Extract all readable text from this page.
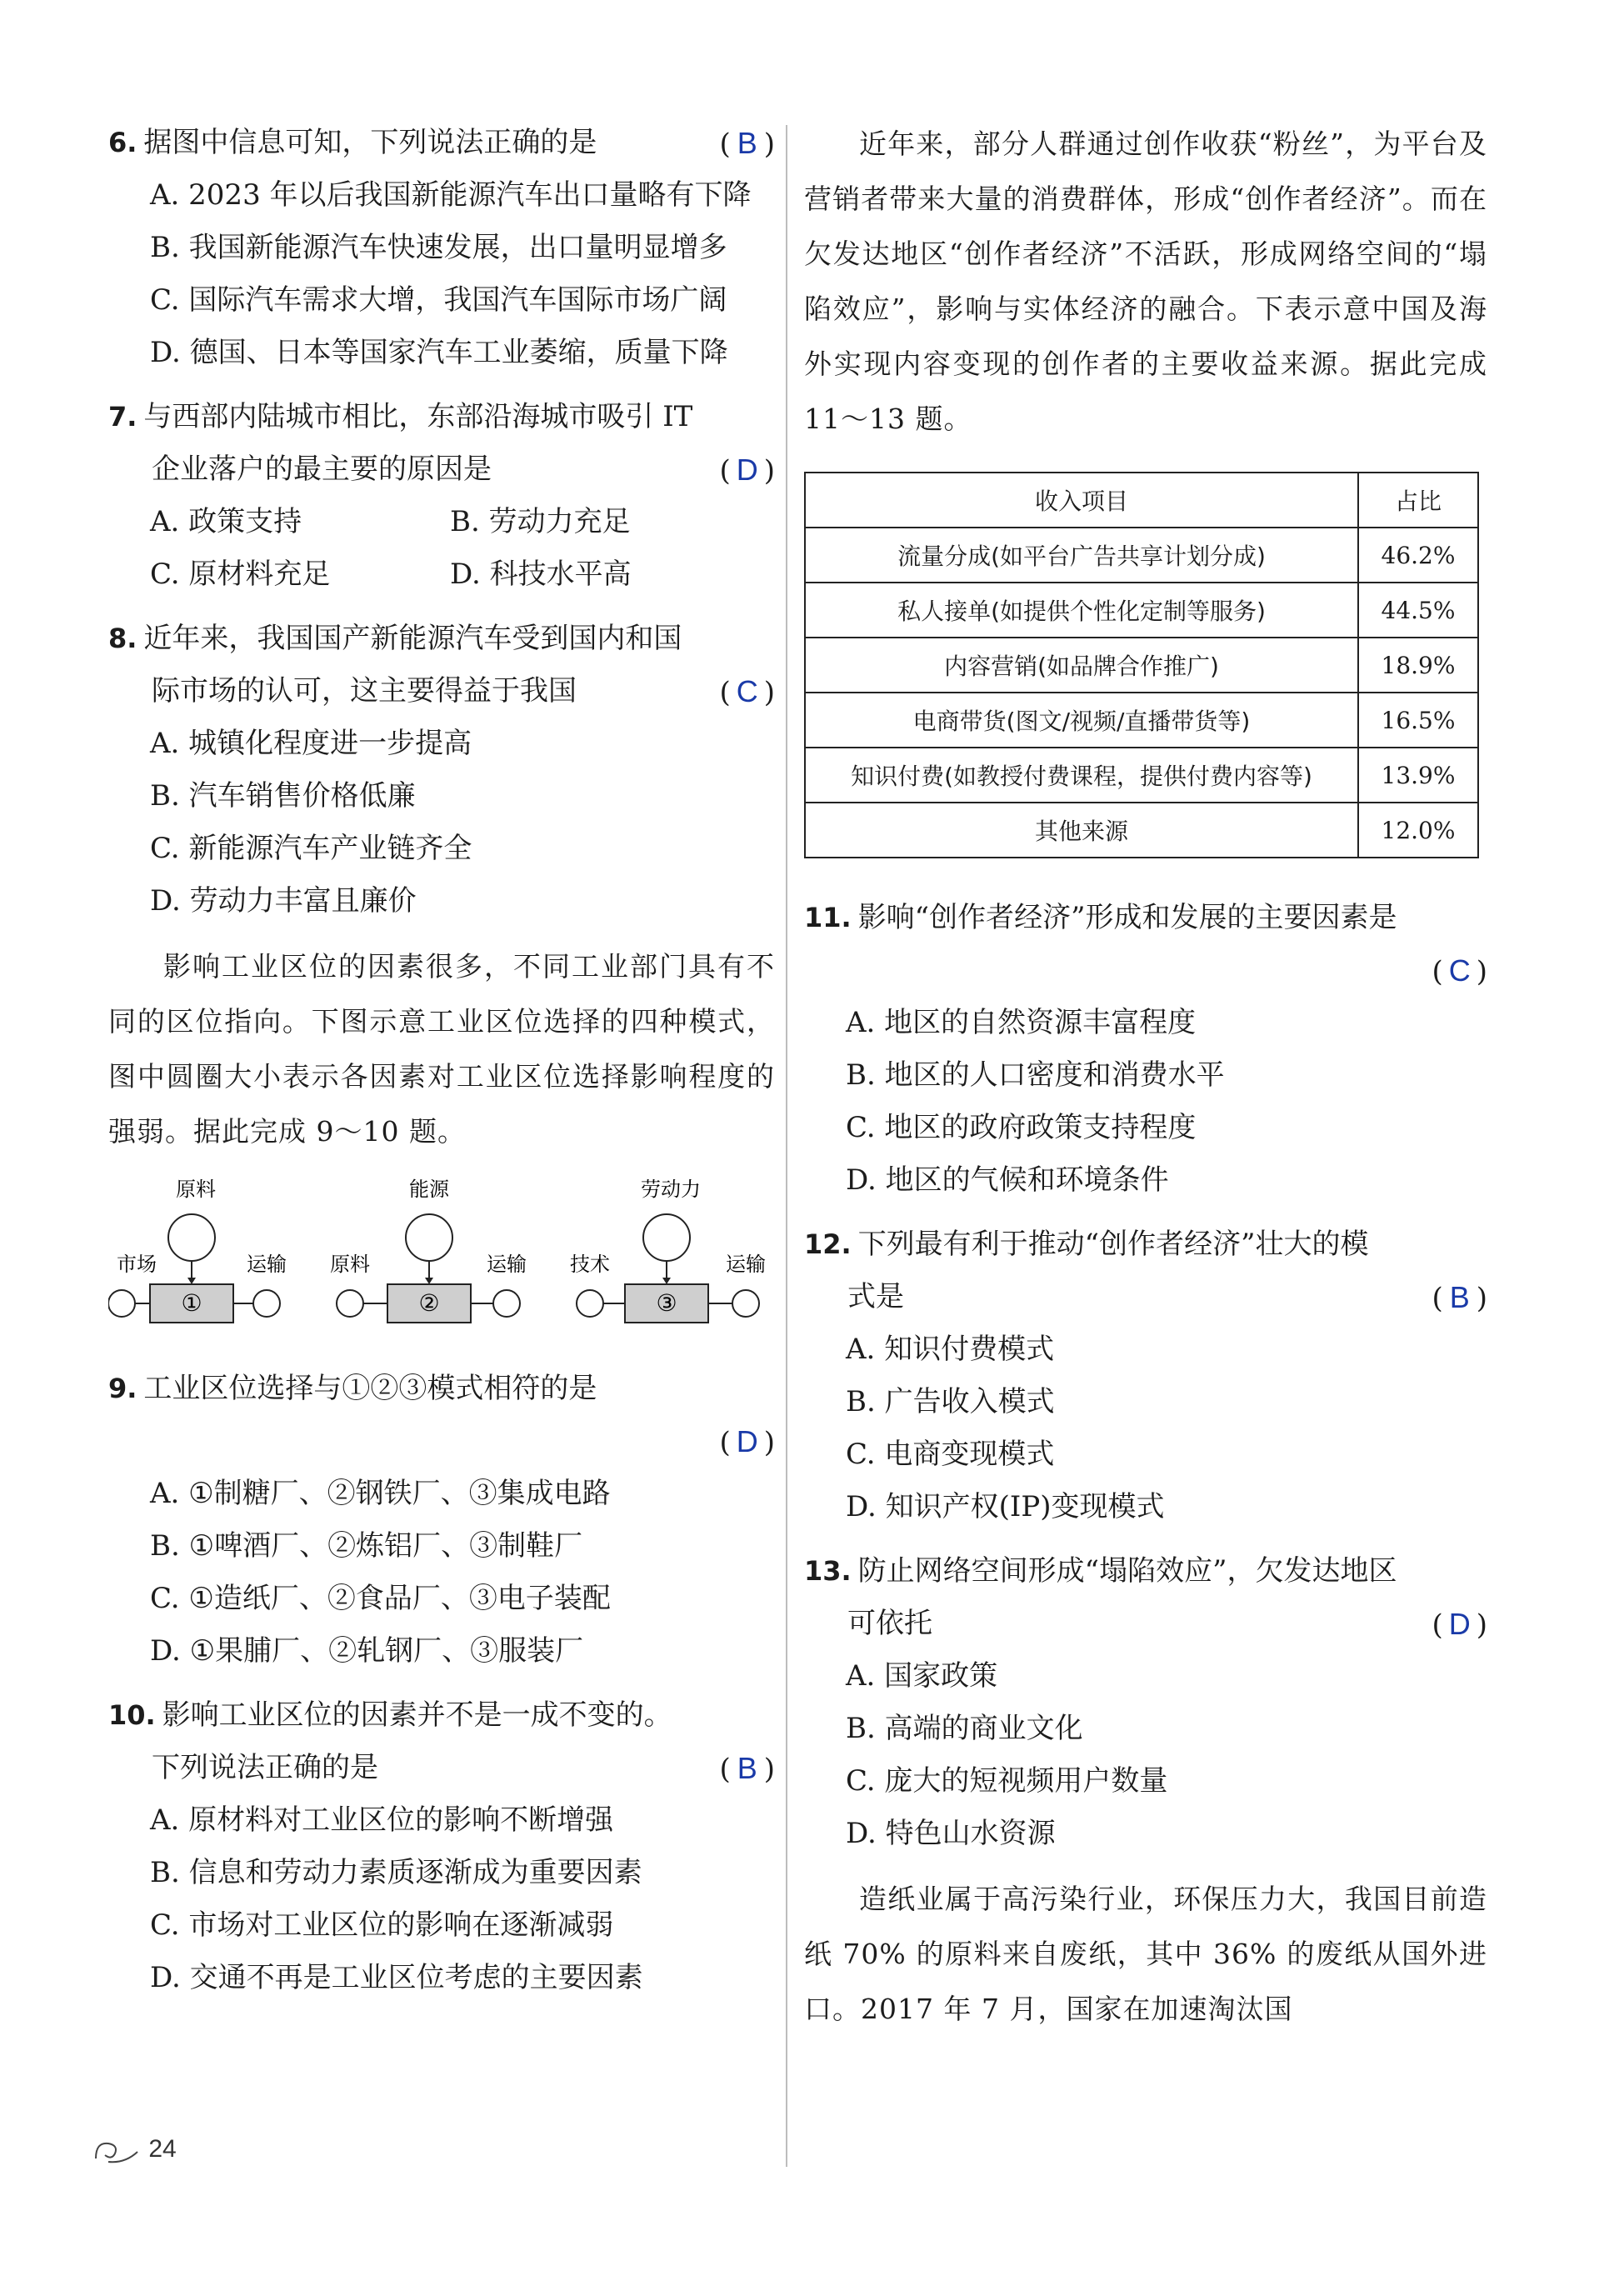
6. 据图中信息可知，下列说法正确的是	( B )
A. 2023 年以后我国新能源汽车出口量略有下降
B. 我国新能源汽车快速发展，出口量明显增多
C. 国际汽车需求大增，我国汽车国际市场广阔
D. 德国、日本等国家汽车工业萎缩，质量下降
7. 与西部内陆城市相比，东部沿海城市吸引 IT
企业落户的最主要的原因是	( D )
A. 政策支持	B. 劳动力充足
C. 原材料充足	D. 科技水平高
8. 近年来，我国国产新能源汽车受到国内和国
际市场的认可，这主要得益于我国	( C )
A. 城镇化程度进一步提高
B. 汽车销售价格低廉
C. 新能源汽车产业链齐全
D. 劳动力丰富且廉价
影响工业区位的因素很多，不同工业部门具有不同的区位指向。下图示意工业区位选择的四种模式，图中圆圈大小表示各因素对工业区位选择影响程度的强弱。据此完成 9～10 题。
原料
①
市场	运输
能源
②
原料	运输
劳动力
③
技术	运输
9. 工业区位选择与①②③模式相符的是
( D )

A. ①制糖厂、②钢铁厂、③集成电路
B. ①啤酒厂、②炼铝厂、③制鞋厂
C. ①造纸厂、②食品厂、③电子装配
D. ①果脯厂、②轧钢厂、③服装厂
10. 影响工业区位的因素并不是一成不变的。
下列说法正确的是	( B )
A. 原材料对工业区位的影响不断增强
B. 信息和劳动力素质逐渐成为重要因素
C. 市场对工业区位的影响在逐渐减弱
D. 交通不再是工业区位考虑的主要因素
近年来，部分人群通过创作收获“粉丝”，为平台及营销者带来大量的消费群体，形成“创作者经济”。而在欠发达地区“创作者经济”不活跃，形成网络空间的“塌陷效应”，影响与实体经济的融合。下表示意中国及海外实现内容变现的创作者的主要收益来源。据此完成 11～13 题。
收入项目	占比
流量分成(如平台广告共享计划分成)	46.2%
私人接单(如提供个性化定制等服务)	44.5%
内容营销(如品牌合作推广)	18.9%
电商带货(图文/视频/直播带货等)	16.5%
知识付费(如教授付费课程，提供付费内容等)	13.9%
其他来源	12.0%
11. 影响“创作者经济”形成和发展的主要因素是
( C )

A. 地区的自然资源丰富程度
B. 地区的人口密度和消费水平
C. 地区的政府政策支持程度
D. 地区的气候和环境条件
12. 下列最有利于推动“创作者经济”壮大的模
式是	( B )
A. 知识付费模式
B. 广告收入模式
C. 电商变现模式
D. 知识产权(IP)变现模式
13. 防止网络空间形成“塌陷效应”，欠发达地区
可依托	( D )
A. 国家政策
B. 高端的商业文化
C. 庞大的短视频用户数量
D. 特色山水资源
造纸业属于高污染行业，环保压力大，我国目前造纸 70% 的原料来自废纸，其中 36% 的废纸从国外进口。2017 年 7 月，国家在加速淘汰国
24
